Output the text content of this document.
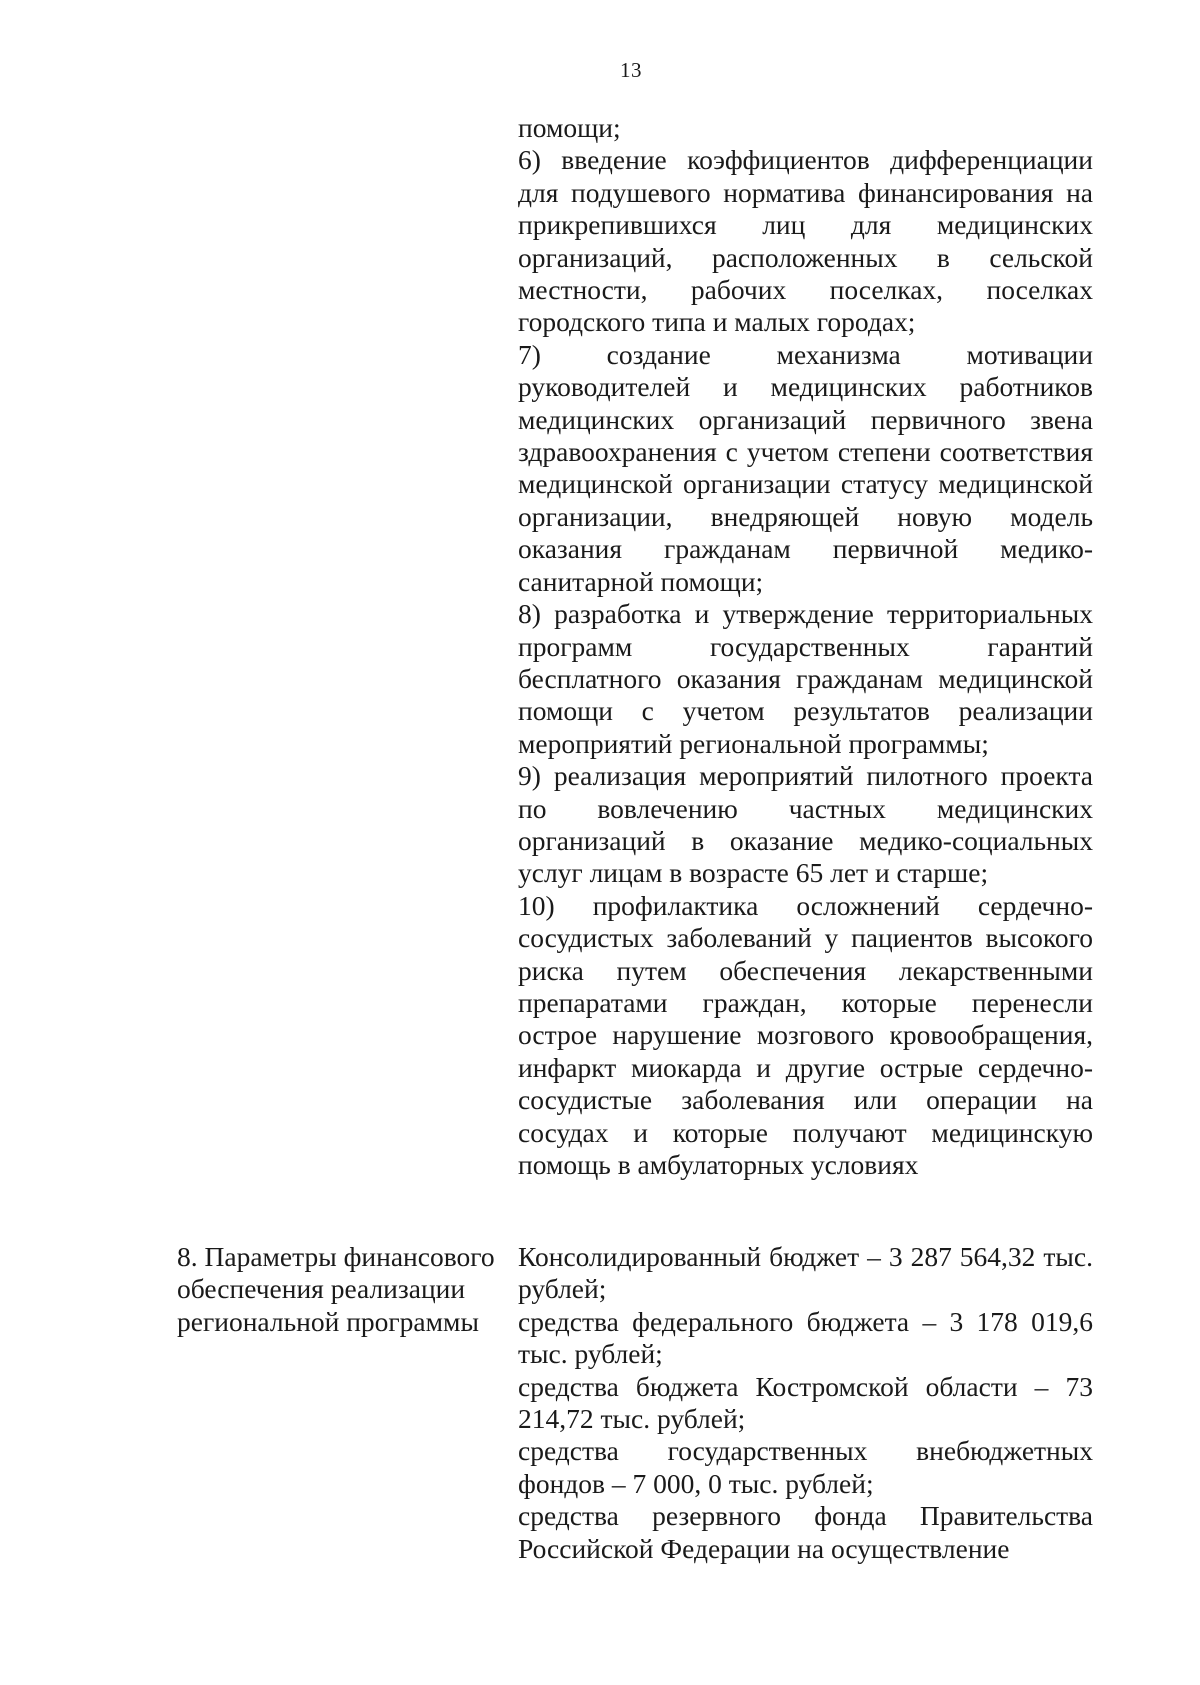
13

помощи;

6) введение коэффициентов дифференциации для подушевого норматива финансирования на прикрепившихся лиц для медицинских организаций, расположенных в сельской местности, рабочих поселках, поселках городского типа и малых городах;

7) создание механизма мотивации руководителей и медицинских работников медицинских организаций первичного звена здравоохранения с учетом степени соответствия медицинской организации статусу медицинской организации, внедряющей новую модель оказания гражданам первичной медико-санитарной помощи;

8) разработка и утверждение территориальных программ государственных гарантий бесплатного оказания гражданам медицинской помощи с учетом результатов реализации мероприятий региональной программы;

9) реализация мероприятий пилотного проекта по вовлечению частных медицинских организаций в оказание медико-социальных услуг лицам в возрасте 65 лет и старше;

10) профилактика осложнений сердечно-сосудистых заболеваний у пациентов высокого риска путем обеспечения лекарственными препаратами граждан, которые перенесли острое нарушение мозгового кровообращения, инфаркт миокарда и другие острые сердечно-сосудистые заболевания или операции на сосудах и которые получают медицинскую помощь в амбулаторных условиях

8. Параметры финансового
обеспечения реализации
региональной программы

Консолидированный бюджет – 3 287 564,32 тыс. рублей;

средства федерального бюджета – 3 178 019,6 тыс. рублей;

средства бюджета Костромской области – 73 214,72 тыс. рублей;

средства государственных внебюджетных фондов – 7 000, 0 тыс. рублей;

средства резервного фонда Правительства Российской Федерации на осуществление
